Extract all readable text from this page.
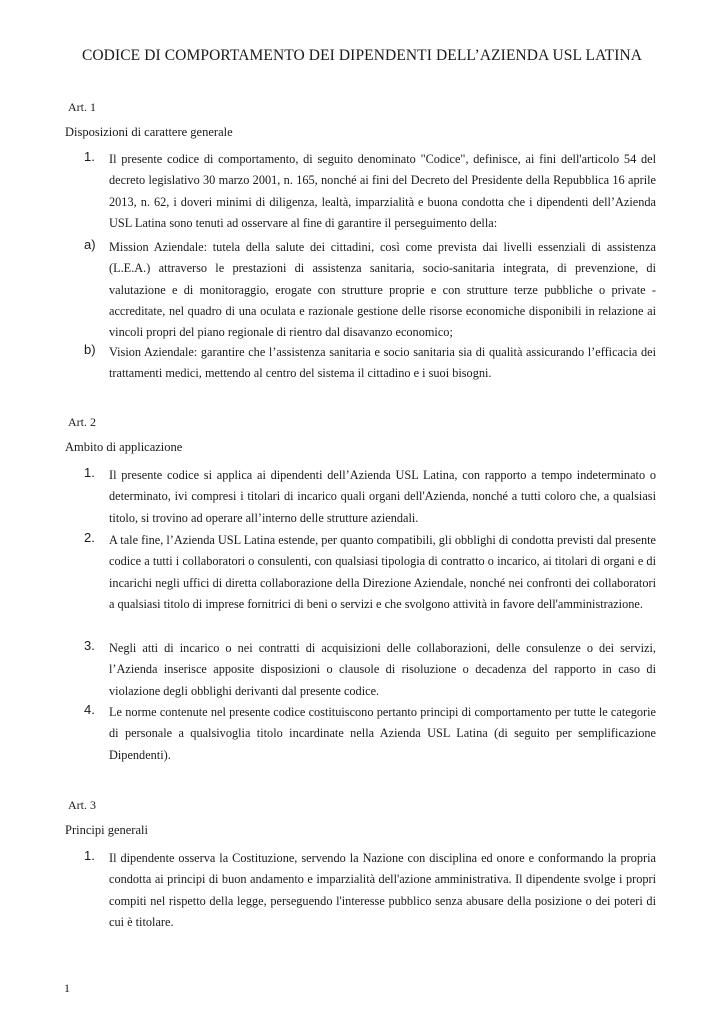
CODICE DI COMPORTAMENTO DEI DIPENDENTI DELL’AZIENDA USL LATINA
Art. 1
Disposizioni di carattere generale
1. Il presente codice di comportamento, di seguito denominato "Codice", definisce, ai fini dell'articolo 54 del decreto legislativo 30 marzo 2001, n. 165, nonché ai fini del Decreto del Presidente della Repubblica 16 aprile 2013, n. 62, i doveri minimi di diligenza, lealtà, imparzialità e buona condotta che i dipendenti dell’Azienda USL Latina sono tenuti ad osservare al fine di garantire il perseguimento della:
a) Mission Aziendale: tutela della salute dei cittadini, così come prevista dai livelli essenziali di assistenza (L.E.A.) attraverso le prestazioni di assistenza sanitaria, socio-sanitaria integrata, di prevenzione, di valutazione e di monitoraggio, erogate con strutture proprie e con strutture terze pubbliche o private - accreditate, nel quadro di una oculata e razionale gestione delle risorse economiche disponibili in relazione ai vincoli propri del piano regionale di rientro dal disavanzo economico;
b) Vision Aziendale: garantire che l’assistenza sanitaria e socio sanitaria sia di qualità assicurando l’efficacia dei trattamenti medici, mettendo al centro del sistema il cittadino e i suoi bisogni.
Art. 2
Ambito di applicazione
1. Il presente codice si applica ai dipendenti dell’Azienda USL Latina, con rapporto a tempo indeterminato o determinato, ivi compresi i titolari di incarico quali organi dell'Azienda, nonché a tutti coloro che, a qualsiasi titolo, si trovino ad operare all’interno delle strutture aziendali.
2. A tale fine, l’Azienda USL Latina estende, per quanto compatibili, gli obblighi di condotta previsti dal presente codice a tutti i collaboratori o consulenti, con qualsiasi tipologia di contratto o incarico, ai titolari di organi e di incarichi negli uffici di diretta collaborazione della Direzione Aziendale, nonché nei confronti dei collaboratori a qualsiasi titolo di imprese fornitrici di beni o servizi e che svolgono attività in favore dell'amministrazione.
3. Negli atti di incarico o nei contratti di acquisizioni delle collaborazioni, delle consulenze o dei servizi, l’Azienda inserisce apposite disposizioni o clausole di risoluzione o decadenza del rapporto in caso di violazione degli obblighi derivanti dal presente codice.
4. Le norme contenute nel presente codice costituiscono pertanto principi di comportamento per tutte le categorie di personale a qualsivoglia titolo incardinate nella Azienda USL Latina (di seguito per semplificazione Dipendenti).
Art. 3
Principi generali
1. Il dipendente osserva la Costituzione, servendo la Nazione con disciplina ed onore e conformando la propria condotta ai principi di buon andamento e imparzialità dell'azione amministrativa. Il dipendente svolge i propri compiti nel rispetto della legge, perseguendo l'interesse pubblico senza abusare della posizione o dei poteri di cui è titolare.
1
